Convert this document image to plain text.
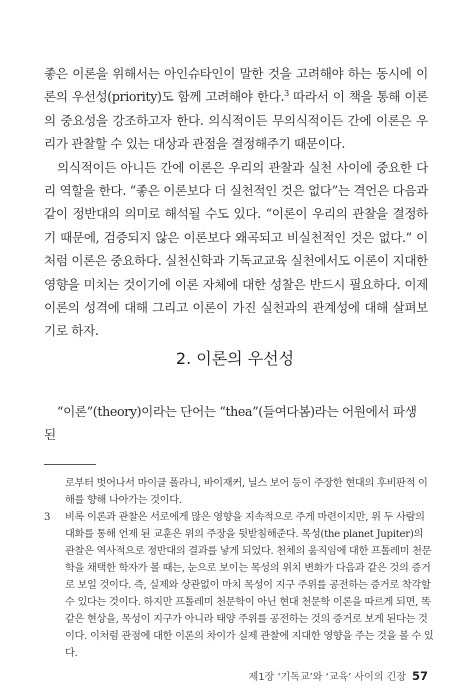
좋은 이론을 위해서는 아인슈타인이 말한 것을 고려해야 하는 동시에 이론의 우선성(priority)도 함께 고려해야 한다.$^3$ 따라서 이 책을 통해 이론의 중요성을 강조하고자 한다. 의식적이든 무의식적이든 간에 이론은 우리가 관찰할 수 있는 대상과 관점을 결정해주기 때문이다.

의식적이든 아니든 간에 이론은 우리의 관찰과 실천 사이에 중요한 다리 역할을 한다. “좋은 이론보다 더 실천적인 것은 없다”는 격언은 다음과 같이 정반대의 의미로 해석될 수도 있다. “이론이 우리의 관찰을 결정하기 때문에, 검증되지 않은 이론보다 왜곡되고 비실천적인 것은 없다.” 이처럼 이론은 중요하다. 실천신학과 기독교교육 실천에서도 이론이 지대한 영향을 미치는 것이기에 이론 자체에 대한 성찰은 반드시 필요하다. 이제 이론의 성격에 대해 그리고 이론이 가진 실천과의 관계성에 대해 살펴보기로 하자.

2. 이론의 우선성

“이론”(theory)이라는 단어는 “thea”(들여다봄)라는 어원에서 파생된

로부터 벗어나서 마이클 폴라니, 바이재커, 닐스 보어 등이 주장한 현대의 후비판적 이해를 향해 나아가는 것이다.

3	비록 이론과 관찰은 서로에게 많은 영향을 지속적으로 주게 마련이지만, 위 두 사람의 대화를 통해 언제 된 교훈은 위의 주장을 뒷받침해준다. 목성(the planet Jupiter)의 관찰은 역사적으로 정반대의 결과를 낳게 되었다. 천체의 움직임에 대한 프톨레미 천문학을 채택한 학자가 볼 때는, 눈으로 보이는 목성의 위치 변화가 다음과 같은 것의 증거로 보일 것이다. 즉, 실제와 상관없이 마치 목성이 지구 주위를 공전하는 증거로 착각할 수 있다는 것이다. 하지만 프톨레미 천문학이 아닌 현대 천문학 이론을 따르게 되면, 똑같은 현상을, 목성이 지구가 아니라 태양 주위를 공전하는 것의 증거로 보게 된다는 것이다. 이처럼 관점에 대한 이론의 차이가 실제 관찰에 지대한 영향을 주는 것을 볼 수 있다.

제1장 ‘기독교’와 ‘교육’ 사이의 긴장 57
